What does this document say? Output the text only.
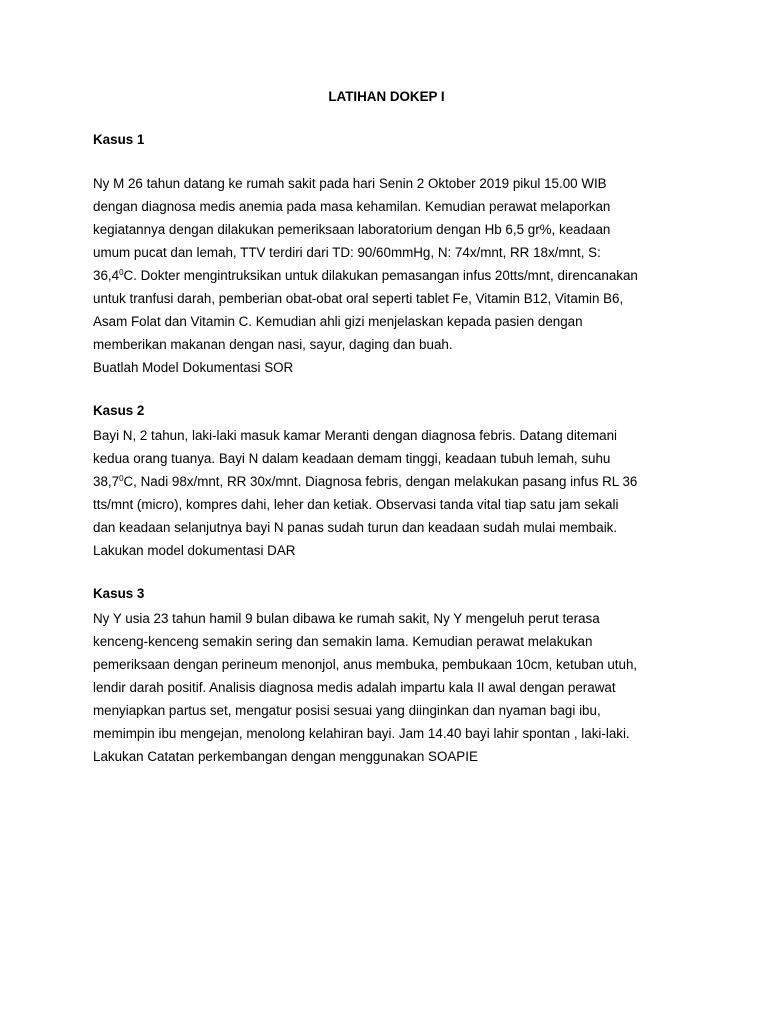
LATIHAN DOKEP I

Kasus 1

Ny M 26 tahun datang ke rumah sakit pada hari Senin 2 Oktober 2019 pikul 15.00 WIB
dengan diagnosa medis anemia pada masa kehamilan. Kemudian perawat melaporkan
kegiatannya dengan dilakukan pemeriksaan laboratorium dengan Hb 6,5 gr%, keadaan
umum pucat dan lemah, TTV terdiri dari TD: 90/60mmHg, N: 74x/mnt, RR 18x/mnt, S:
36,4$^0$C. Dokter mengintruksikan untuk dilakukan pemasangan infus 20tts/mnt, direncanakan
untuk tranfusi darah, pemberian obat-obat oral seperti tablet Fe, Vitamin B12, Vitamin B6,
Asam Folat dan Vitamin C. Kemudian ahli gizi menjelaskan kepada pasien dengan
memberikan makanan dengan nasi, sayur, daging dan buah.
Buatlah Model Dokumentasi SOR

Kasus 2

Bayi N, 2 tahun, laki-laki masuk kamar Meranti dengan diagnosa febris. Datang ditemani
kedua orang tuanya. Bayi N dalam keadaan demam tinggi, keadaan tubuh lemah, suhu
38,7$^0$C, Nadi 98x/mnt, RR 30x/mnt. Diagnosa febris, dengan melakukan pasang infus RL 36
tts/mnt (micro), kompres dahi, leher dan ketiak. Observasi tanda vital tiap satu jam sekali
dan keadaan selanjutnya bayi N panas sudah turun dan keadaan sudah mulai membaik.
Lakukan model dokumentasi DAR

Kasus 3

Ny Y usia 23 tahun hamil 9 bulan dibawa ke rumah sakit, Ny Y mengeluh perut terasa
kenceng-kenceng semakin sering dan semakin lama. Kemudian perawat melakukan
pemeriksaan dengan perineum menonjol, anus membuka, pembukaan 10cm, ketuban utuh,
lendir darah positif. Analisis diagnosa medis adalah impartu kala II awal dengan perawat
menyiapkan partus set, mengatur posisi sesuai yang diinginkan dan nyaman bagi ibu,
memimpin ibu mengejan, menolong kelahiran bayi. Jam 14.40 bayi lahir spontan , laki-laki.
Lakukan Catatan perkembangan dengan menggunakan SOAPIE
